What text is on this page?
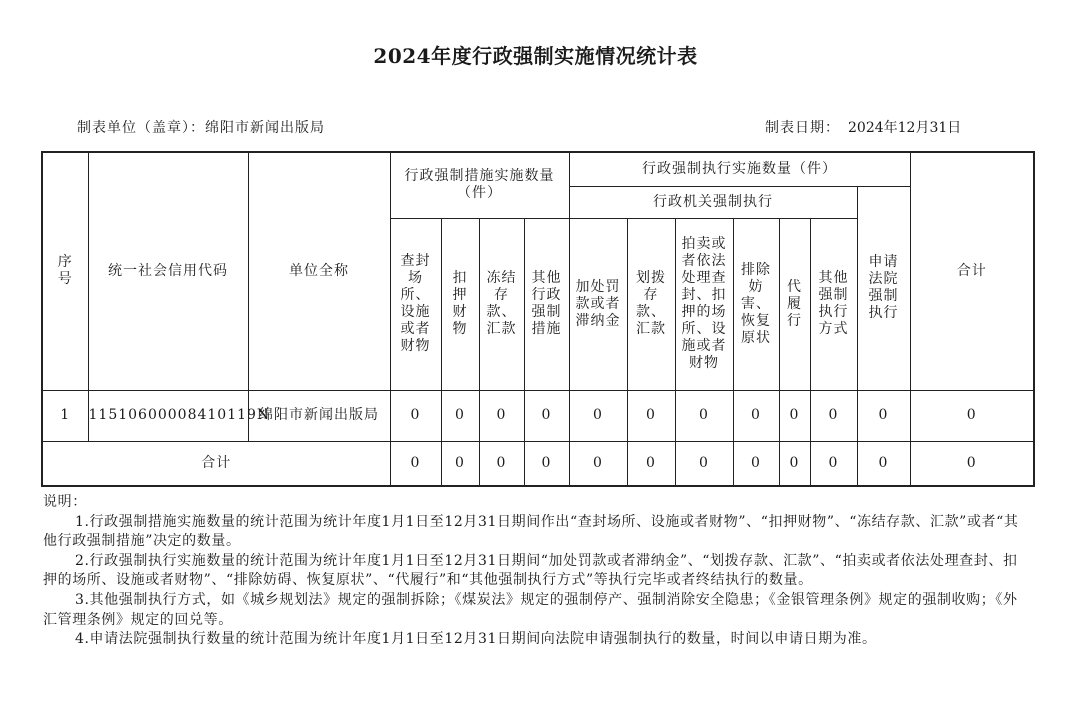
2024年度行政强制实施情况统计表
制表单位（盖章）：绵阳市新闻出版局	制表日期： 2024年12月31日
序号	统一社会信用代码	单位全称	行政强制措施实施数量（件）				行政强制执行实施数量（件）							合计
							行政机关强制执行						申请法院强制执行	
			查封场所、设施或者财物	扣押财物	冻结存款、汇款	其他行政强制措施	加处罚款或者滞纳金	划拨存款、汇款	拍卖或者依法处理查封、扣押的场所、设施或者财物	排除妨害、恢复原状	代履行	其他强制执行方式		
1	11510600008410119N	绵阳市新闻出版局	0	0	0	0	0	0	0	0	0	0	0	0
合计			0	0	0	0	0	0	0	0	0	0	0	0

说明：

1.行政强制措施实施数量的统计范围为统计年度1月1日至12月31日期间作出“查封场所、设施或者财物”、“扣押财物”、“冻结存款、汇款”或者“其他行政强制措施”决定的数量。

2.行政强制执行实施数量的统计范围为统计年度1月1日至12月31日期间“加处罚款或者滞纳金”、“划拨存款、汇款”、“拍卖或者依法处理查封、扣押的场所、设施或者财物”、“排除妨碍、恢复原状”、“代履行”和“其他强制执行方式”等执行完毕或者终结执行的数量。

3.其他强制执行方式，如《城乡规划法》规定的强制拆除；《煤炭法》规定的强制停产、强制消除安全隐患；《金银管理条例》规定的强制收购；《外汇管理条例》规定的回兑等。

4.申请法院强制执行数量的统计范围为统计年度1月1日至12月31日期间向法院申请强制执行的数量，时间以申请日期为准。
